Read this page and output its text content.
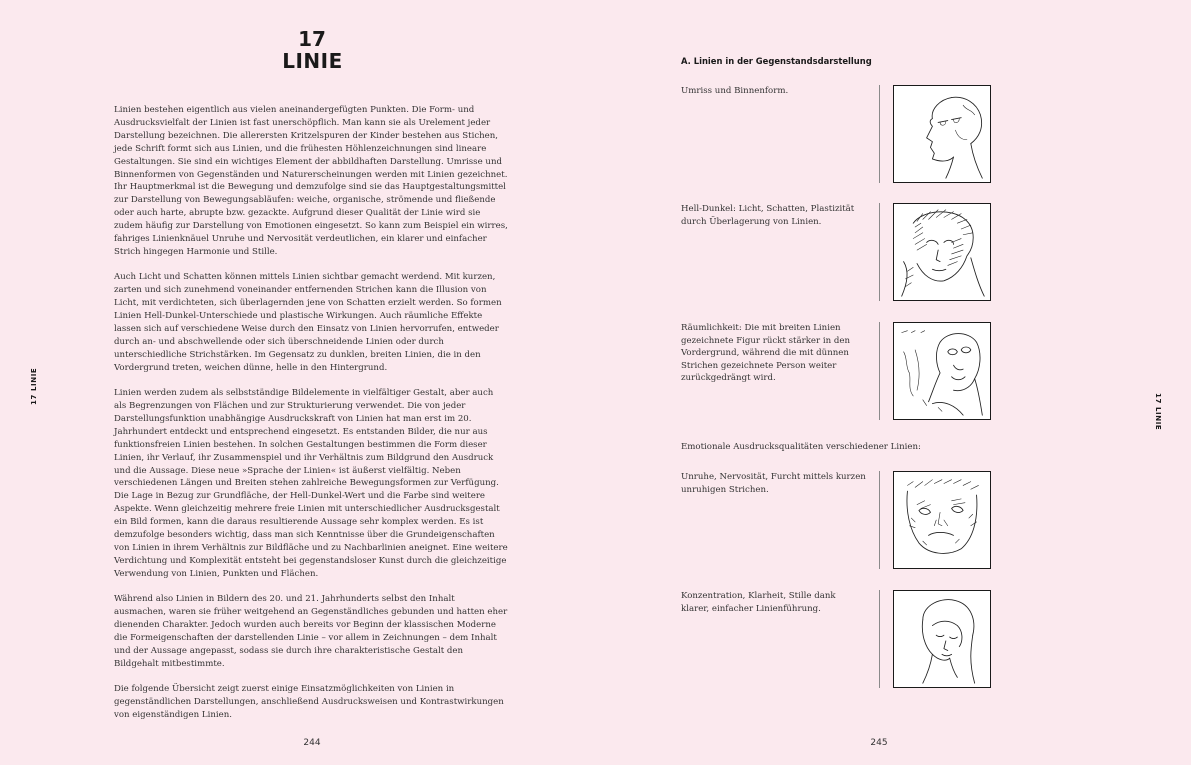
17
LINIE

Linien bestehen eigentlich aus vielen aneinandergefügten Punkten. Die Form- und Ausdrucksvielfalt der Linien ist fast unerschöpflich. Man kann sie als Urelement jeder Darstellung bezeichnen. Die allerersten Kritzelspuren der Kinder bestehen aus Stichen, jede Schrift formt sich aus Linien, und die frühesten Höhlenzeichnungen sind lineare Gestaltungen. Sie sind ein wichtiges Element der abbildhaften Darstellung. Umrisse und Binnenformen von Gegenständen und Naturerscheinungen werden mit Linien gezeichnet. Ihr Hauptmerkmal ist die Bewegung und demzufolge sind sie das Hauptgestaltungsmittel zur Darstellung von Bewegungsabläufen: weiche, organische, strömende und fließende oder auch harte, abrupte bzw. gezackte. Aufgrund dieser Qualität der Linie wird sie zudem häufig zur Darstellung von Emotionen eingesetzt. So kann zum Beispiel ein wirres, fahriges Linienknäuel Unruhe und Nervosität verdeutlichen, ein klarer und einfacher Strich hingegen Harmonie und Stille.

Auch Licht und Schatten können mittels Linien sichtbar gemacht werdend. Mit kurzen, zarten und sich zunehmend voneinander entfernenden Strichen kann die Illusion von Licht, mit verdichteten, sich überlagernden jene von Schatten erzielt werden. So formen Linien Hell-Dunkel-Unterschiede und plastische Wirkungen. Auch räumliche Effekte lassen sich auf verschiedene Weise durch den Einsatz von Linien hervorrufen, entweder durch an- und abschwellende oder sich überschneidende Linien oder durch unterschiedliche Strichstärken. Im Gegensatz zu dunklen, breiten Linien, die in den Vordergrund treten, weichen dünne, helle in den Hintergrund.

Linien werden zudem als selbstständige Bildelemente in vielfältiger Gestalt, aber auch als Begrenzungen von Flächen und zur Strukturierung verwendet. Die von jeder Darstellungsfunktion unabhängige Ausdruckskraft von Linien hat man erst im 20. Jahrhundert entdeckt und entsprechend eingesetzt. Es entstanden Bilder, die nur aus funktionsfreien Linien bestehen. In solchen Gestaltungen bestimmen die Form dieser Linien, ihr Verlauf, ihr Zusammenspiel und ihr Verhältnis zum Bildgrund den Ausdruck und die Aussage. Diese neue »Sprache der Linien« ist äußerst vielfältig. Neben verschiedenen Längen und Breiten stehen zahlreiche Bewegungsformen zur Verfügung. Die Lage in Bezug zur Grundfläche, der Hell-Dunkel-Wert und die Farbe sind weitere Aspekte. Wenn gleichzeitig mehrere freie Linien mit unterschiedlicher Ausdrucksgestalt ein Bild formen, kann die daraus resultierende Aussage sehr komplex werden. Es ist demzufolge besonders wichtig, dass man sich Kenntnisse über die Grundeigenschaften von Linien in ihrem Verhältnis zur Bildfläche und zu Nachbarlinien aneignet. Eine weitere Verdichtung und Komplexität entsteht bei gegenstandsloser Kunst durch die gleichzeitige Verwendung von Linien, Punkten und Flächen.

Während also Linien in Bildern des 20. und 21. Jahrhunderts selbst den Inhalt ausmachen, waren sie früher weitgehend an Gegenständliches gebunden und hatten eher dienenden Charakter. Jedoch wurden auch bereits vor Beginn der klassischen Moderne die Formeigenschaften der darstellenden Linie – vor allem in Zeichnungen – dem Inhalt und der Aussage angepasst, sodass sie durch ihre charakteristische Gestalt den Bildgehalt mitbestimmte.

Die folgende Übersicht zeigt zuerst einige Einsatzmöglichkeiten von Linien in gegenständlichen Darstellungen, anschließend Ausdrucksweisen und Kontrastwirkungen von eigenständigen Linien.

17 LINIE
244
A. Linien in der Gegenstandsdarstellung

Umriss und Binnenform.

Hell-Dunkel: Licht, Schatten, Plastizität durch Überlagerung von Linien.

Räumlichkeit: Die mit breiten Linien gezeichnete Figur rückt stärker in den Vordergrund, während die mit dünnen Strichen gezeichnete Person weiter zurückgedrängt wird.

Emotionale Ausdrucksqualitäten verschiedener Linien:

Unruhe, Nervosität, Furcht mittels kurzen unruhigen Strichen.

Konzentration, Klarheit, Stille dank klarer, einfacher Linienführung.

17 LINIE
245
